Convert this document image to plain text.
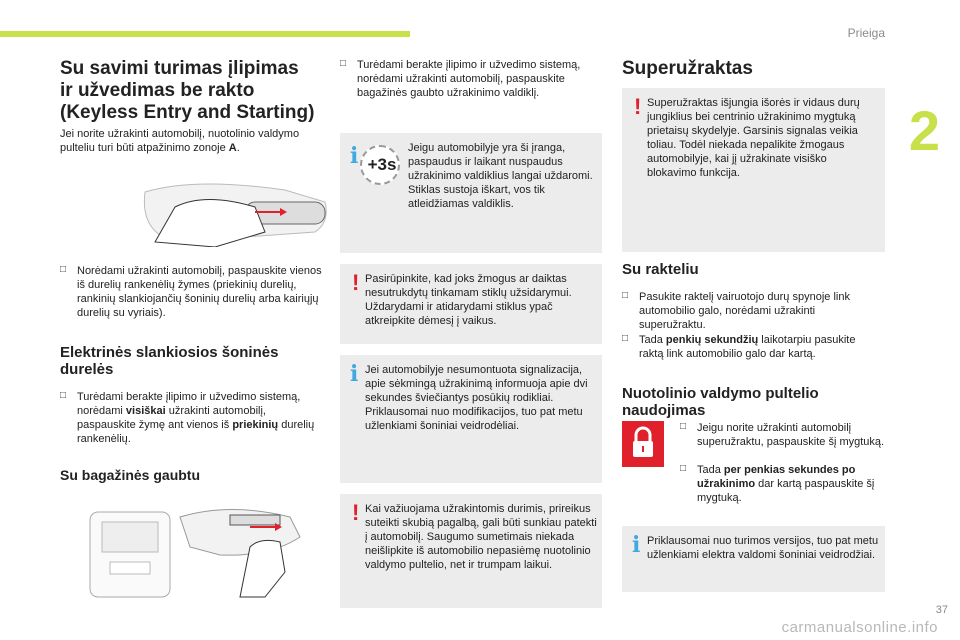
Prieiga
2
Su savimi turimas įlipimas
ir užvedimas be rakto
(Keyless Entry and Starting)

Jei norite užrakinti automobilį, nuotolinio valdymo pulteliu turi būti atpažinimo zonoje A.

□ Norėdami užrakinti automobilį, paspauskite vienos iš durelių rankenėlių žymes (priekinių durelių, rankinių slankiojančių šoninių durelių arba kairiųjų durelių su vyriais).

Elektrinės slankiosios šoninės durelės
□ Turėdami berakte įlipimo ir užvedimo sistemą, norėdami visiškai užrakinti automobilį, paspauskite žymę ant vienos iš priekinių durelių rankenėlių.

Su bagažinės gaubtu
□ Turėdami berakte įlipimo ir užvedimo sistemą, norėdami užrakinti automobilį, paspauskite bagažinės gaubto užrakinimo valdiklį.

i +3s

Jeigu automobilyje yra ši įranga, paspaudus ir laikant nuspaudus užrakinimo valdiklius langai uždaromi. Stiklas sustoja iškart, vos tik atleidžiamas valdiklis.

! Pasirūpinkite, kad joks žmogus ar daiktas nesutrukdytų tinkamam stiklų užsidarymui. Uždarydami ir atidarydami stiklus ypač atkreipkite dėmesį į vaikus.

i Jei automobilyje nesumontuota signalizacija, apie sėkmingą užrakinimą informuoja apie dvi sekundes šviečiantys posūkių rodikliai. Priklausomai nuo modifikacijos, tuo pat metu užlenkiami šoniniai veidrodėliai.

! Kai važiuojama užrakintomis durimis, prireikus suteikti skubią pagalbą, gali būti sunkiau patekti į automobilį. Saugumo sumetimais niekada neišlipkite iš automobilio nepasiėmę nuotolinio valdymo pultelio, net ir trumpam laikui.

Superužraktas
! Superužraktas išjungia išorės ir vidaus durų jungiklius bei centrinio užrakinimo mygtuką prietaisų skydelyje. Garsinis signalas veikia toliau. Todėl niekada nepalikite žmogaus automobilyje, kai jį užrakinate visiško blokavimo funkcija.

Su rakteliu
□ Pasukite raktelį vairuotojo durų spynoje link automobilio galo, norėdami užrakinti superužraktu.

□ Tada penkių sekundžių laikotarpiu pasukite raktą link automobilio galo dar kartą.

Nuotolinio valdymo pultelio naudojimas
□ Jeigu norite užrakinti automobilį superužraktu, paspauskite šį mygtuką.

□ Tada per penkias sekundes po užrakinimo dar kartą paspauskite šį mygtuką.

i Priklausomai nuo turimos versijos, tuo pat metu užlenkiami elektra valdomi šoniniai veidrodžiai.

carmanualsonline.info
37
